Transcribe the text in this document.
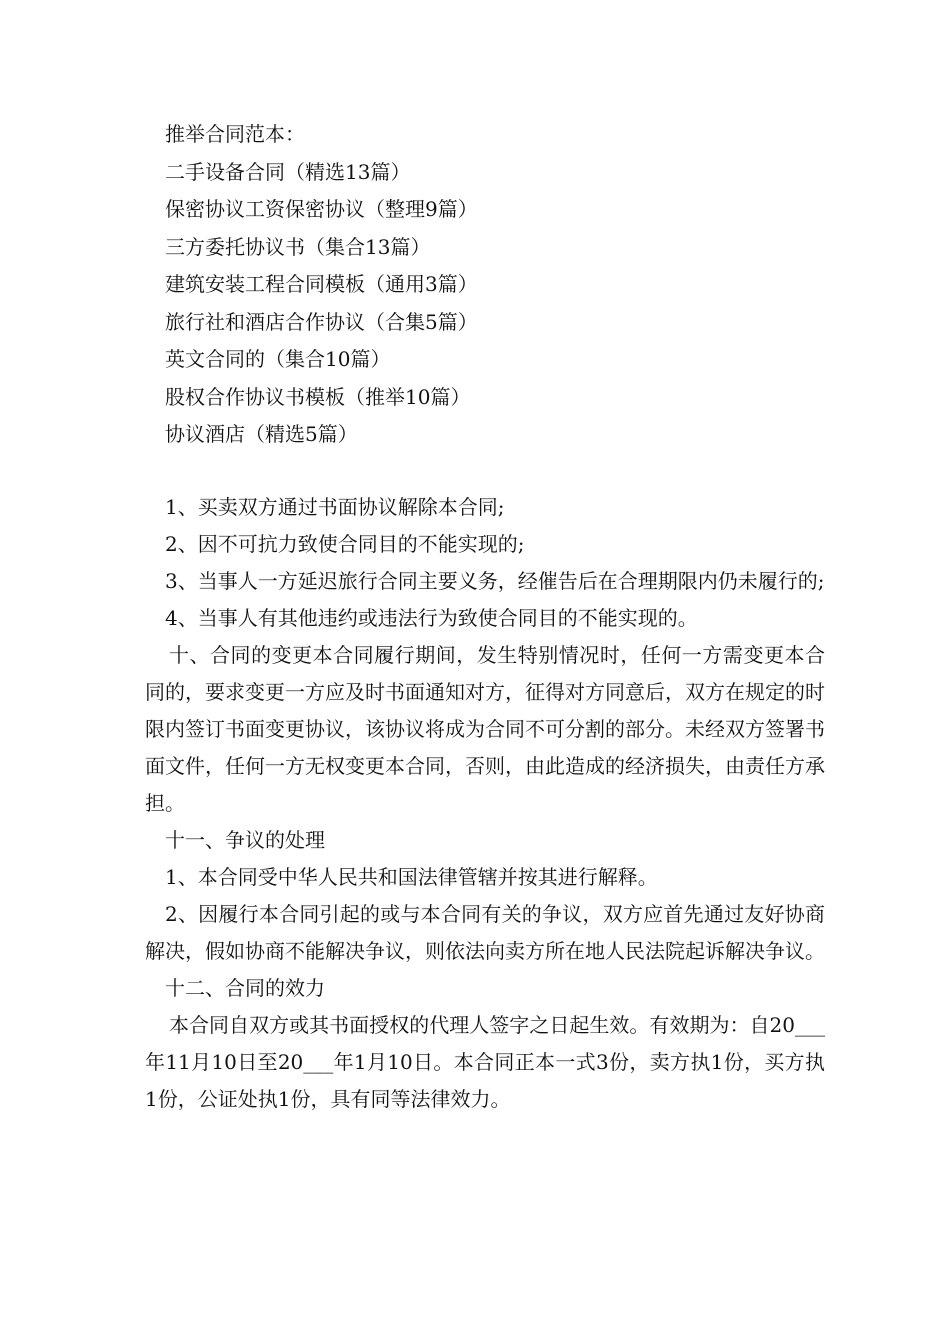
推举合同范本：
二手设备合同（精选13篇）
保密协议工资保密协议（整理9篇）
三方委托协议书（集合13篇）
建筑安装工程合同模板（通用3篇）
旅行社和酒店合作协议（合集5篇）
英文合同的（集合10篇）
股权合作协议书模板（推举10篇）
协议酒店（精选5篇）

1、买卖双方通过书面协议解除本合同;

2、因不可抗力致使合同目的不能实现的;

3、当事人一方延迟旅行合同主要义务，经催告后在合理期限内仍未履行的;

4、当事人有其他违约或违法行为致使合同目的不能实现的。

十、合同的变更本合同履行期间，发生特别情况时，任何一方需变更本合同的，要求变更一方应及时书面通知对方，征得对方同意后，双方在规定的时限内签订书面变更协议，该协议将成为合同不可分割的部分。未经双方签署书面文件，任何一方无权变更本合同，否则，由此造成的经济损失，由责任方承担。

十一、争议的处理

1、本合同受中华人民共和国法律管辖并按其进行解释。

2、因履行本合同引起的或与本合同有关的争议，双方应首先通过友好协商解决，假如协商不能解决争议，则依法向卖方所在地人民法院起诉解决争议。

十二、合同的效力

本合同自双方或其书面授权的代理人签字之日起生效。有效期为：自20___年11月10日至20___年1月10日。本合同正本一式3份，卖方执1份，买方执1份，公证处执1份，具有同等法律效力。
